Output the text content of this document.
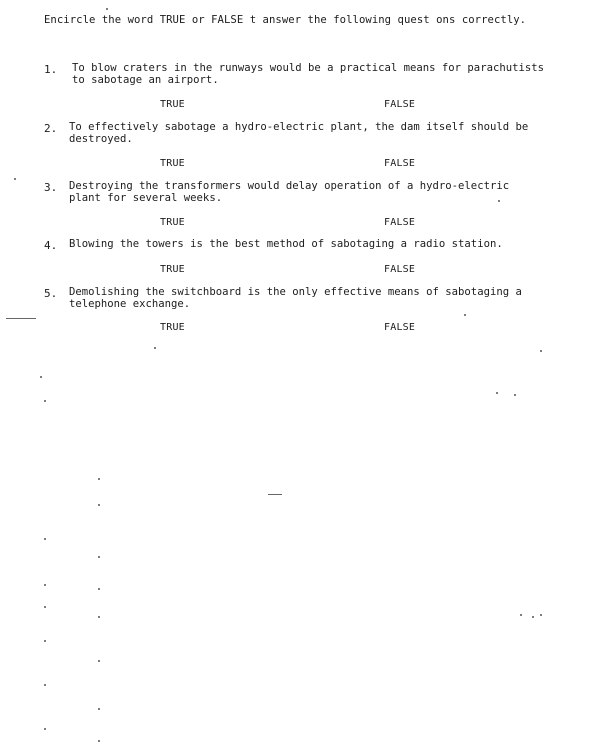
Encircle the word TRUE or FALSE t answer the following quest ons correctly.
1. To blow craters in the runways would be a practical means for parachutists
to sabotage an airport.
TRUE	FALSE
2. To effectively sabotage a hydro-electric plant, the dam itself should be
destroyed.
TRUE	FALSE
3. Destroying the transformers would delay operation of a hydro-electric
plant for several weeks.
TRUE	FALSE
4. Blowing the towers is the best method of sabotaging a radio station.
TRUE	FALSE
5. Demolishing the switchboard is the only effective means of sabotaging a
telephone exchange.
TRUE	FALSE
